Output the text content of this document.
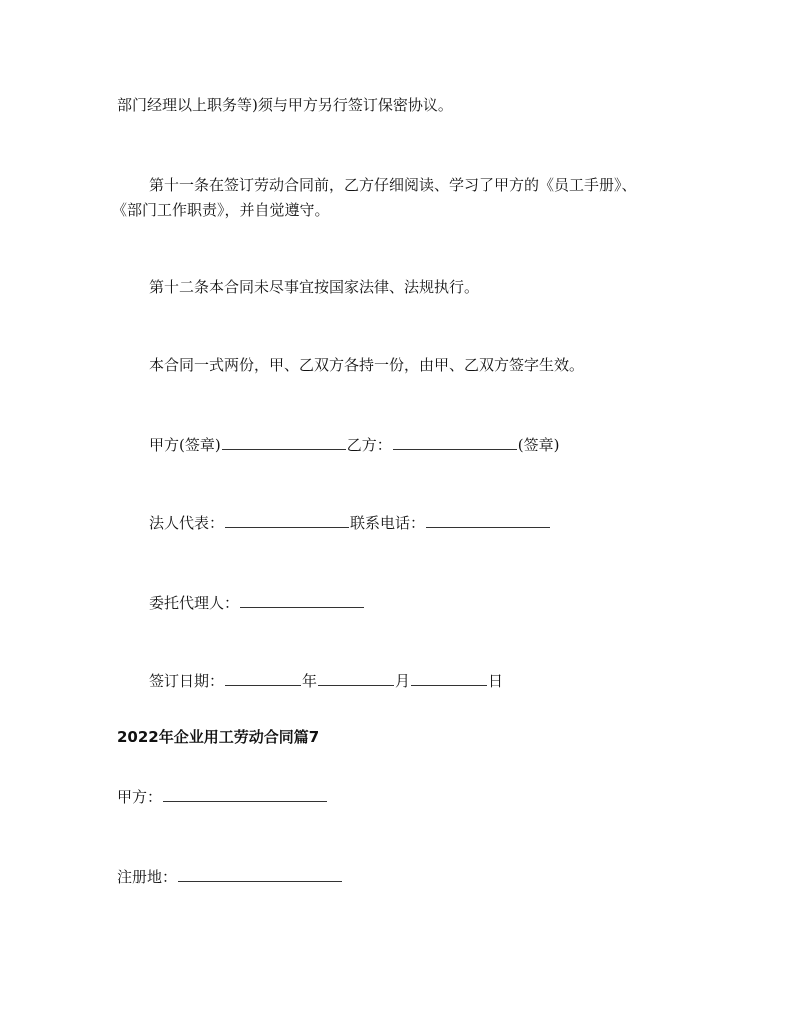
部门经理以上职务等)须与甲方另行签订保密协议。
第十一条在签订劳动合同前，乙方仔细阅读、学习了甲方的《员工手册》、
《部门工作职责》，并自觉遵守。
第十二条本合同未尽事宜按国家法律、法规执行。
本合同一式两份，甲、乙双方各持一份，由甲、乙双方签字生效。
甲方(签章)	乙方：	(签章)
法人代表：	联系电话：
委托代理人：
签订日期：	年	月	日
2022年企业用工劳动合同篇7
甲方：
注册地：
